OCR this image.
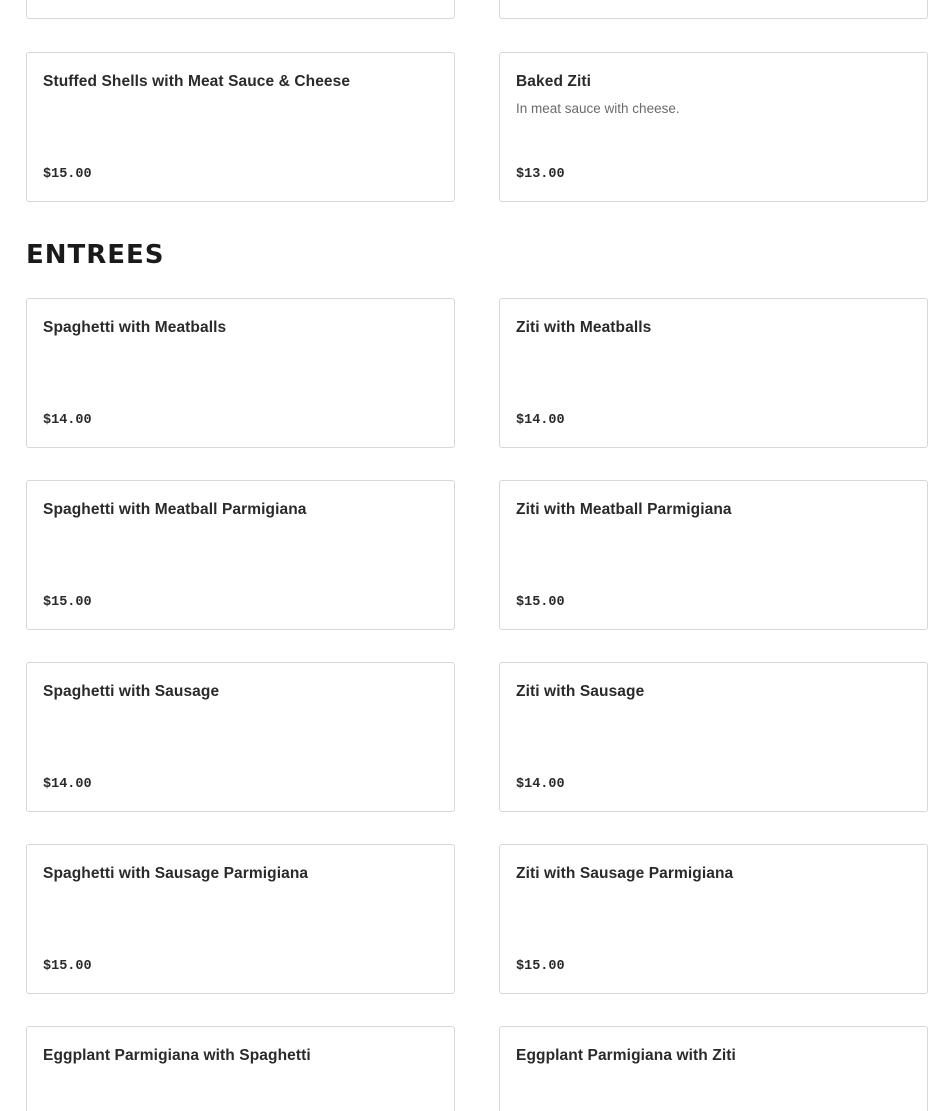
Stuffed Shells with Meat Sauce & Cheese
$15.00
Baked Ziti
In meat sauce with cheese.
$13.00
ENTREES
Spaghetti with Meatballs
$14.00
Ziti with Meatballs
$14.00
Spaghetti with Meatball Parmigiana
$15.00
Ziti with Meatball Parmigiana
$15.00
Spaghetti with Sausage
$14.00
Ziti with Sausage
$14.00
Spaghetti with Sausage Parmigiana
$15.00
Ziti with Sausage Parmigiana
$15.00
Eggplant Parmigiana with Spaghetti	Eggplant Parmigiana with Ziti
